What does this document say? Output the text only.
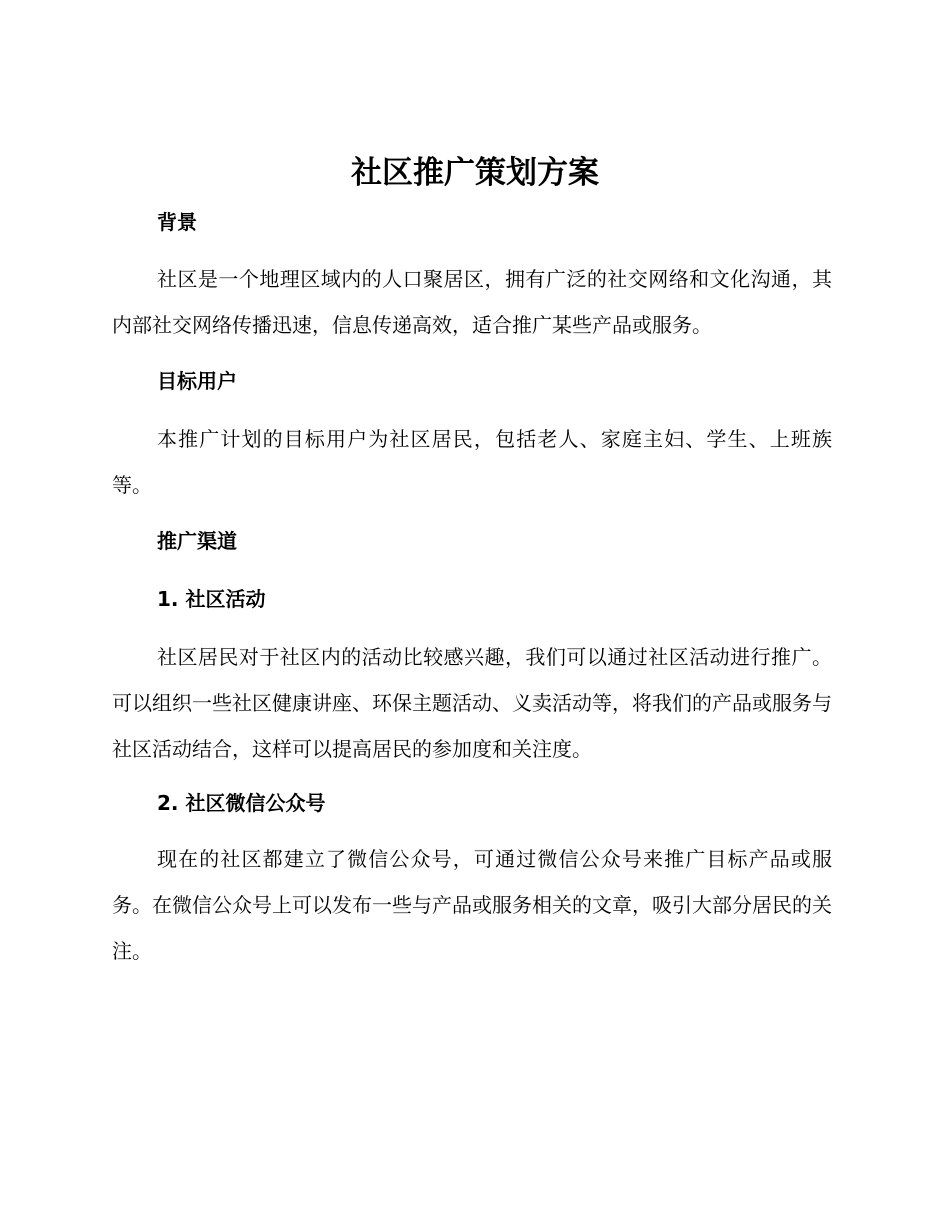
社区推广策划方案
背景

社区是一个地理区域内的人口聚居区，拥有广泛的社交网络和文化沟通，其内部社交网络传播迅速，信息传递高效，适合推广某些产品或服务。

目标用户

本推广计划的目标用户为社区居民，包括老人、家庭主妇、学生、上班族等。

推广渠道
1. 社区活动

社区居民对于社区内的活动比较感兴趣，我们可以通过社区活动进行推广。可以组织一些社区健康讲座、环保主题活动、义卖活动等，将我们的产品或服务与社区活动结合，这样可以提高居民的参加度和关注度。

2. 社区微信公众号

现在的社区都建立了微信公众号，可通过微信公众号来推广目标产品或服务。在微信公众号上可以发布一些与产品或服务相关的文章，吸引大部分居民的关注。
